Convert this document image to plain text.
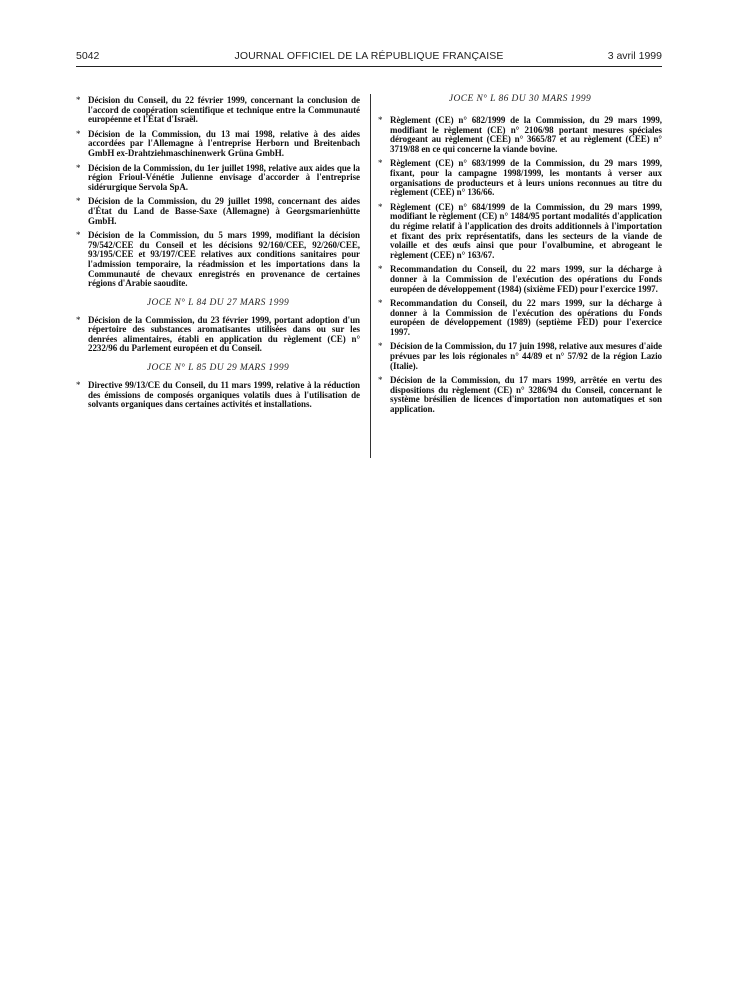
5042	JOURNAL OFFICIEL DE LA RÉPUBLIQUE FRANÇAISE	3 avril 1999
* Décision du Conseil, du 22 février 1999, concernant la conclusion de l'accord de coopération scientifique et technique entre la Communauté européenne et l'État d'Israël.
* Décision de la Commission, du 13 mai 1998, relative à des aides accordées par l'Allemagne à l'entreprise Herborn und Breitenbach GmbH ex-Drahtziehmaschinenwerk Grüna GmbH.
* Décision de la Commission, du 1er juillet 1998, relative aux aides que la région Frioul-Vénétie Julienne envisage d'accorder à l'entreprise sidérurgique Servola SpA.
* Décision de la Commission, du 29 juillet 1998, concernant des aides d'État du Land de Basse-Saxe (Allemagne) à Georgsmarienhütte GmbH.
* Décision de la Commission, du 5 mars 1999, modifiant la décision 79/542/CEE du Conseil et les décisions 92/160/CEE, 92/260/CEE, 93/195/CEE et 93/197/CEE relatives aux conditions sanitaires pour l'admission temporaire, la réadmission et les importations dans la Communauté de chevaux enregistrés en provenance de certaines régions d'Arabie saoudite.
JOCE N° L 84 DU 27 MARS 1999
* Décision de la Commission, du 23 février 1999, portant adoption d'un répertoire des substances aromatisantes utilisées dans ou sur les denrées alimentaires, établi en application du règlement (CE) n° 2232/96 du Parlement européen et du Conseil.
JOCE N° L 85 DU 29 MARS 1999
* Directive 99/13/CE du Conseil, du 11 mars 1999, relative à la réduction des émissions de composés organiques volatils dues à l'utilisation de solvants organiques dans certaines activités et installations.
JOCE N° L 86 DU 30 MARS 1999
* Règlement (CE) n° 682/1999 de la Commission, du 29 mars 1999, modifiant le règlement (CE) n° 2106/98 portant mesures spéciales dérogeant au règlement (CEE) n° 3665/87 et au règlement (CEE) n° 3719/88 en ce qui concerne la viande bovine.
* Règlement (CE) n° 683/1999 de la Commission, du 29 mars 1999, fixant, pour la campagne 1998/1999, les montants à verser aux organisations de producteurs et à leurs unions reconnues au titre du règlement (CEE) n° 136/66.
* Règlement (CE) n° 684/1999 de la Commission, du 29 mars 1999, modifiant le règlement (CE) n° 1484/95 portant modalités d'application du régime relatif à l'application des droits additionnels à l'importation et fixant des prix représentatifs, dans les secteurs de la viande de volaille et des œufs ainsi que pour l'ovalbumine, et abrogeant le règlement (CEE) n° 163/67.
* Recommandation du Conseil, du 22 mars 1999, sur la décharge à donner à la Commission de l'exécution des opérations du Fonds européen de développement (1984) (sixième FED) pour l'exercice 1997.
* Recommandation du Conseil, du 22 mars 1999, sur la décharge à donner à la Commission de l'exécution des opérations du Fonds européen de développement (1989) (septième FED) pour l'exercice 1997.
* Décision de la Commission, du 17 juin 1998, relative aux mesures d'aide prévues par les lois régionales n° 44/89 et n° 57/92 de la région Lazio (Italie).
* Décision de la Commission, du 17 mars 1999, arrêtée en vertu des dispositions du règlement (CE) n° 3286/94 du Conseil, concernant le système brésilien de licences d'importation non automatiques et son application.
